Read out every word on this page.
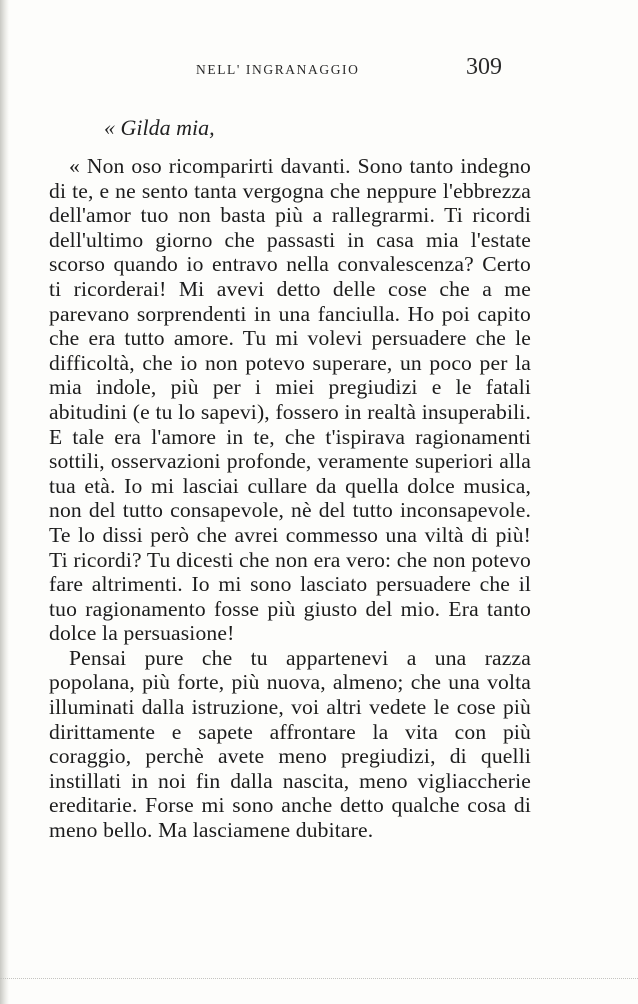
NELL' INGRANAGGIO	309
« Gilda mia,

« Non oso ricomparirti davanti. Sono tanto indegno di te, e ne sento tanta vergogna che neppure l'ebbrezza dell'amor tuo non basta più a rallegrarmi. Ti ricordi dell'ultimo giorno che passasti in casa mia l'estate scorso quando io entravo nella convalescenza? Certo ti ricorderai! Mi avevi detto delle cose che a me parevano sorprendenti in una fanciulla. Ho poi capito che era tutto amore. Tu mi volevi persuadere che le difficoltà, che io non potevo superare, un poco per la mia indole, più per i miei pregiudizi e le fatali abitudini (e tu lo sapevi), fossero in realtà insuperabili. E tale era l'amore in te, che t'ispirava ragionamenti sottili, osservazioni profonde, veramente superiori alla tua età. Io mi lasciai cullare da quella dolce musica, non del tutto consapevole, nè del tutto inconsapevole. Te lo dissi però che avrei commesso una viltà di più! Ti ricordi? Tu dicesti che non era vero: che non potevo fare altrimenti. Io mi sono lasciato persuadere che il tuo ragionamento fosse più giusto del mio. Era tanto dolce la persuasione!

Pensai pure che tu appartenevi a una razza popolana, più forte, più nuova, almeno; che una volta illuminati dalla istruzione, voi altri vedete le cose più dirittamente e sapete affrontare la vita con più coraggio, perchè avete meno pregiudizi, di quelli instillati in noi fin dalla nascita, meno vigliaccherie ereditarie. Forse mi sono anche detto qualche cosa di meno bello. Ma lasciamene dubitare.
